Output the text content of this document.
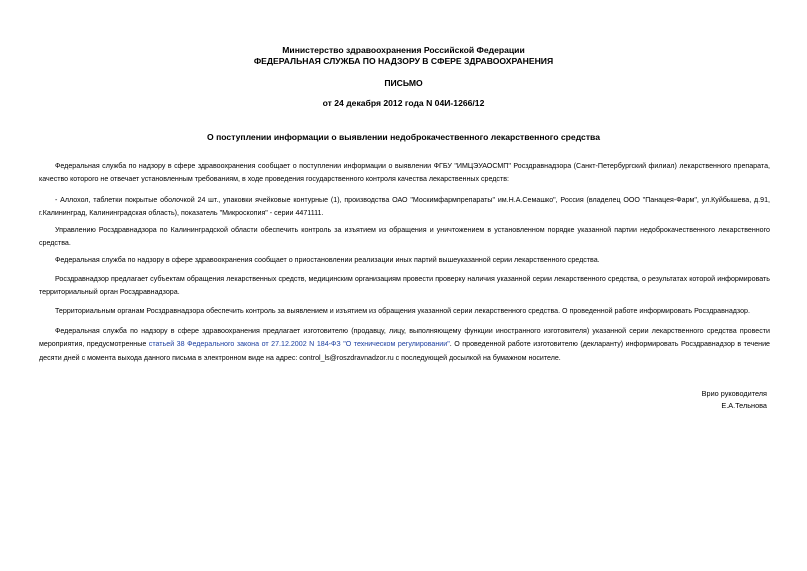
Министерство здравоохранения Российской Федерации
ФЕДЕРАЛЬНАЯ СЛУЖБА ПО НАДЗОРУ В СФЕРЕ ЗДРАВООХРАНЕНИЯ
ПИСЬМО
от 24 декабря 2012 года N 04И-1266/12
О поступлении информации о выявлении недоброкачественного лекарственного средства
Федеральная служба по надзору в сфере здравоохранения сообщает о поступлении информации о выявлении ФГБУ "ИМЦЭУАОСМП" Росздравнадзора (Санкт-Петербургский филиал) лекарственного препарата, качество которого не отвечает установленным требованиям, в ходе проведения государственного контроля качества лекарственных средств:
- Аллохол, таблетки покрытые оболочкой 24 шт., упаковки ячейковые контурные (1), производства ОАО "Москимфармпрепараты" им.Н.А.Семашко", Россия (владелец ООО "Панацея-Фарм", ул.Куйбышева, д.91, г.Калининград, Калининградская область), показатель "Микроскопия" - серии 4471111.
Управлению Росздравнадзора по Калининградской области обеспечить контроль за изъятием из обращения и уничтожением в установленном порядке указанной партии недоброкачественного лекарственного средства.
Федеральная служба по надзору в сфере здравоохранения сообщает о приостановлении реализации иных партий вышеуказанной серии лекарственного средства.
Росздравнадзор предлагает субъектам обращения лекарственных средств, медицинским организациям провести проверку наличия указанной серии лекарственного средства, о результатах которой информировать территориальный орган Росздравнадзора.
Территориальным органам Росздравнадзора обеспечить контроль за выявлением и изъятием из обращения указанной серии лекарственного средства. О проведенной работе информировать Росздравнадзор.
Федеральная служба по надзору в сфере здравоохранения предлагает изготовителю (продавцу, лицу, выполняющему функции иностранного изготовителя) указанной серии лекарственного средства провести мероприятия, предусмотренные статьей 38 Федерального закона от 27.12.2002 N 184-ФЗ "О техническом регулировании". О проведенной работе изготовителю (декларанту) информировать Росздравнадзор в течение десяти дней с момента выхода данного письма в электронном виде на адрес: control_ls@roszdravnadzor.ru с последующей досылкой на бумажном носителе.
Врио руководителя
Е.А.Тельнова
